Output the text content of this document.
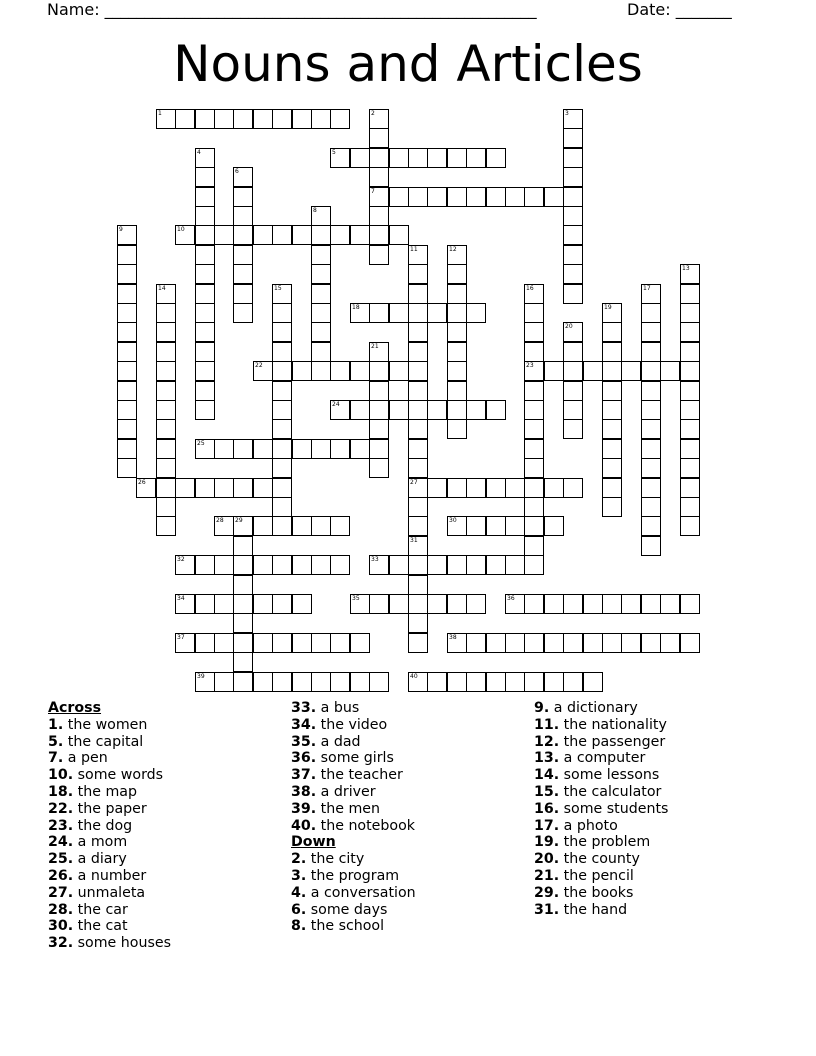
Name: ______________________________________________________	Date: _______
Nouns and Articles
1	2
7
3
5
4
6
8
9	10
11
27
12
13
14	15	16
23
17
18	19
20
21
22
24
25
26
28 29	30
31
32	33
34	35	36
37	38
39	40
Across
1. the women
5. the capital
7. a pen
10. some words
18. the map
22. the paper
23. the dog
24. a mom
25. a diary
26. a number
27. unmaleta
28. the car
30. the cat
32. some houses
33. a bus
34. the video
35. a dad
36. some girls
37. the teacher
38. a driver
39. the men
40. the notebook
Down
2. the city
3. the program
4. a conversation
6. some days
8. the school
9. a dictionary
11. the nationality
12. the passenger
13. a computer
14. some lessons
15. the calculator
16. some students
17. a photo
19. the problem
20. the county
21. the pencil
29. the books
31. the hand
